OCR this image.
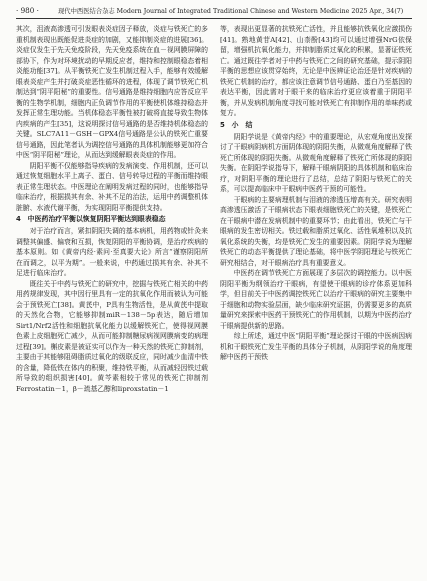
· 980 ·	现代中西医结合杂志 Modern Journal of Integrated Traditional Chinese and Western Medicine 2025 Apr., 34(7)

其次，沮液高渗透可引发眼表炎症因子释放，炎症与铁死亡的多重机制表现出既能促进炎症的加剧，又能抑制炎症的进展[36]。炎症仅发生于先天免疫阶段，先天免疫系统在血－视网膜屏障的部协下，作为对环境扰动的早期反应者，维持和控制眼稳态着相炎能功能[37]。从平衡铁死亡发生机制过程入手，能够有效缓解眼表炎症产生并打破炎症恶性循环的进程，体现了调节铁死亡机制达到“阴平阳秘”的重要性。信号通路是维持细胞内应答反应平衡的生物学机制，细胞内正负调节作用的平衡使机体维持稳态并发挥正常生理功能。当机体稳态平衡性被打破将直接导致生物体内疾病的产生[35]，这说明探讨信号通路的是否维持机体稳态的关键。SLC7A11－GSH－GPX4信号通路是公认的铁死亡重要信号通路，因此笔者认为调控信号通路的具体机制能够更加符合中医“阴平阳秘”理论，从而达到缓解眼表炎症的作用。

阴阳平衡不仅能够指导疾病的发病演变、作用机制，还可以通过恢复细胞水平上离子、蛋白、信号转导过程的平衡而维持眼表正常生理状态。中医理论在阐明发病过程的同时，也能够指导临床治疗，根据损其有余、补其不足的治法，运用中药调整机体脏腑、水液代谢平衡，为实现阴阳平衡提供支持。

4　中医药治疗平衡以恢复阴阳平衡达到眼表稳态

对于治疗而言，紧扣阴阳失调的基本病机，用药物或针灸来调整其偏盛、偏衰和互损，恢复阴阳的平衡协调，是治疗疾病的基本原则。如《黄帝内经·素问·至真要大论》所言“谨察阴阳所在而调之，以平为期”。一般来说，中药通过损其有余、补其不足进行临床治疗。

既往关于中药与铁死亡的研究中，挖掘与铁死亡相关的中药用药规律发现，其中因行里具有一定的抗氧化作用而被认为可能会于预铁死亡[38]。黄芪中，P具有生物活性，是从黄芪中提取的天然化合物，它能够抑制miR－138－5p表达，随后增加Sirt1/Nrf2活性和细胞抗氧化能力以缓解铁死亡，使得视网膜色素上皮细胞死亡减少，从而可能抑制糖尿病视网膜病变的病理过程[39]。槲皮素是被证实可以作为一种天然的铁死亡抑制剂，主要由于其能够阻碍脂质过氧化的级联反应，同时减少血清中铁的含量，降低铁在体内的积聚，维持铁平衡，从而减轻因铁过载所导致的组织损害[40]。黄芩素相较于常见的铁死亡抑制剂Ferrostatin－1，β－巯基乙醇和liproxstatin－1

等，表现出更显著的抗铁死亡活性，并且能够抗铁氧化应激损伤[41]。熟地黄苷A[42]、山柰酚[43]均可以通过增强NrG依保留，增强机抗氧化能力，并抑制脂质过氧化的积累，显著证铁死亡。通过既往学者对于中药与铁死亡之间的研究基础，提示阴阳平衡的思想应该贯穿始终，无论是中医辨证论治还是针对疾病的铁死亡机制的治疗，都应该注意调节信号通路、蛋白乃至基因的表达平衡，因此需对于眼干来的临床治疗更应该着重于阴阳平衡，并从发病机制角度寻找可能对铁死亡有抑制作用的单味药或复方。

5　小　结

阴阳学说是《黄帝内经》中的重要理论，从宏观角度出发探讨了干眼病阴病机方面阴体现的阴阳失衡，从微观角度解释了铁死亡所体现的阴阳失衡。从微观角度解释了铁死亡所体现的阴阳失衡。在阴阳学说指导下，解释干眼病阴阳的具体机制和临床治疗，对阴阳平衡的理论进行了总结，总结了阴阳与铁死亡的关系，可以提高临床中干眼病中医药干预的可能性。

干眼病的主要病理机制与泪液的渗透压增高有关。研究表明高渗透压激活了干眼病状态下眼表细胞铁死亡的关键，是铁死亡在干眼病中潜在发病机制中的重要环节；由此看出，铁死亡与干眼病的发生密切相关。铁过载和脂质过氧化、活性氧堆积以及抗氧化系统的失衡，均是铁死亡发生的重要因素。阴阳学说为理解铁死亡的动态平衡提供了理论基础，将中医学阴阳理论与铁死亡研究相结合，对干眼病治疗具有重要意义。

中医药在调节铁死亡方面展现了多层次的调控能力。以中医阴阳平衡为纲领治疗干眼病，有望使干眼病的诊疗体系更加科学，但目前关于中医药调控铁死亡以治疗干眼病的研究主要集中于细胞和动物实验层面，缺少临床研究证据，仍需要更多的高质量研究来探索中医药干预铁死亡的作用机制，以期为中医药治疗干眼病提供新的思路。

综上所述，通过中医“阴阳平衡”理论探讨干眼的中医病因病机和干眼铁死亡发生平衡的具体分子机制，从阴阳学说的角度理解中医药干预铁
